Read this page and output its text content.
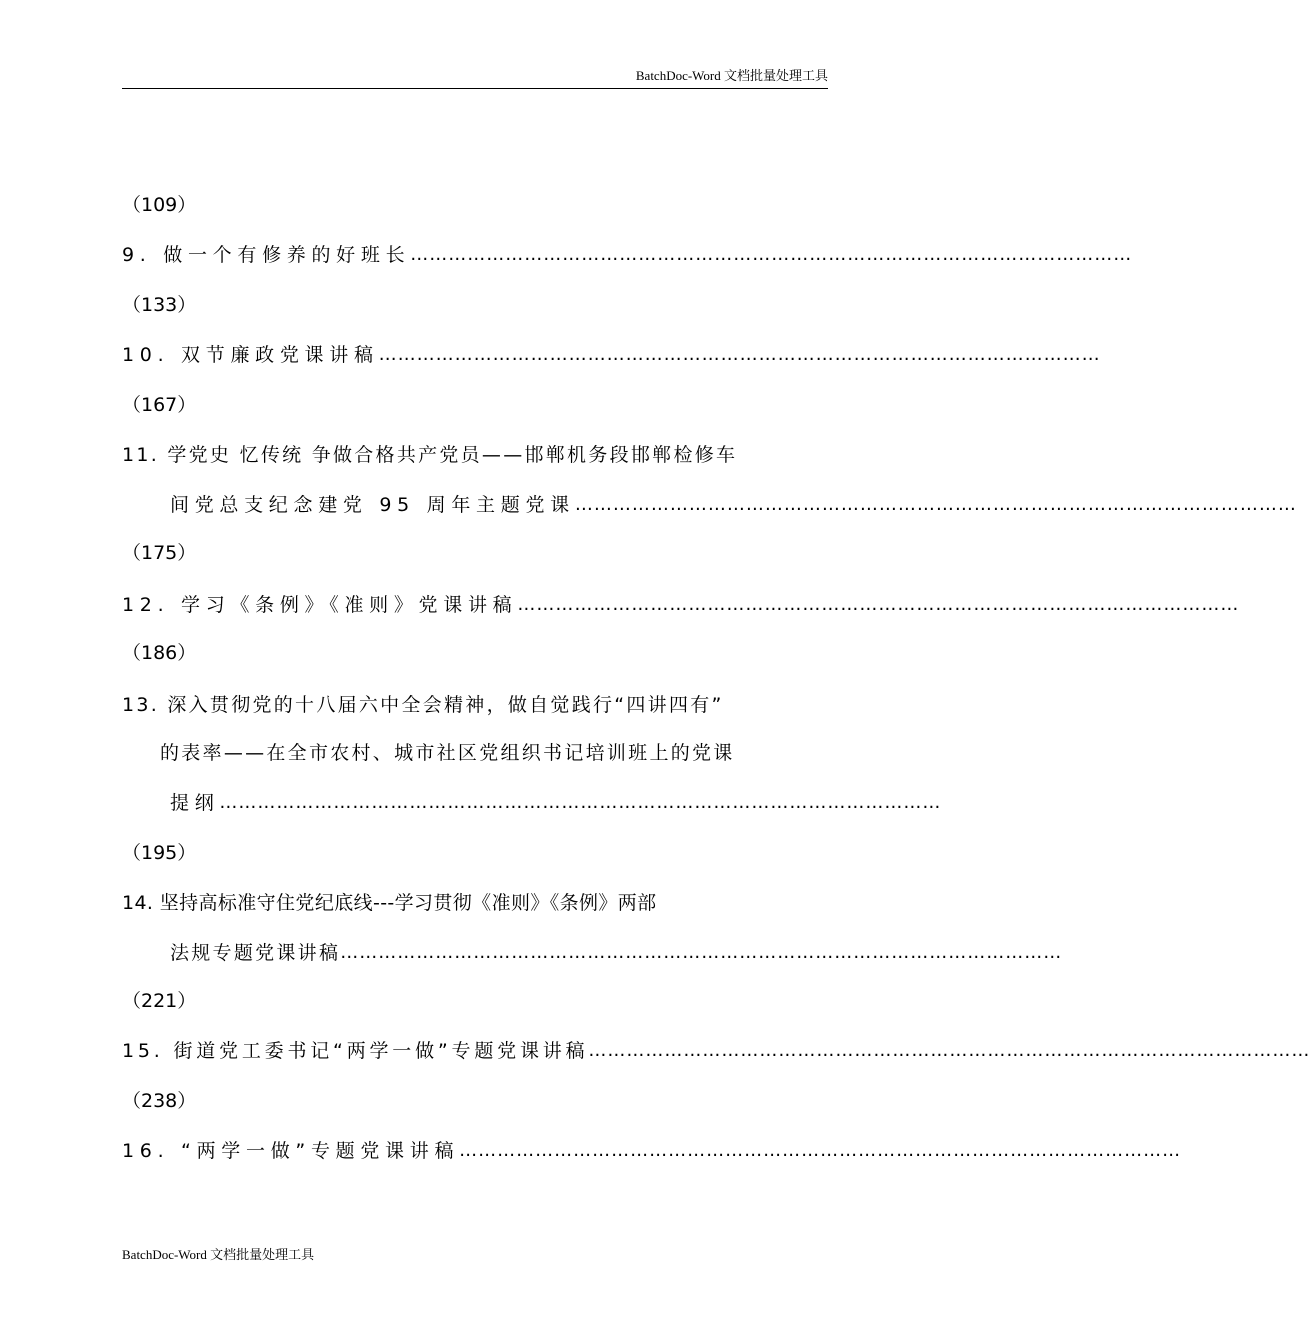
BatchDoc-Word 文档批量处理工具
（109）
9. 做一个有修养的好班长 ……………………………………………………………………………………………………
（133）
10. 双节廉政党课讲稿 ……………………………………………………………………………………………………
（167）
11. 学党史 忆传统 争做合格共产党员——邯郸机务段邯郸检修车
间党总支纪念建党 95 周年主题党课 ……………………………………………………………………………………………………
（175）
12. 学习《条例》《准则》党课讲稿 ……………………………………………………………………………………………………
（186）
13. 深入贯彻党的十八届六中全会精神，做自觉践行“四讲四有”
的表率——在全市农村、城市社区党组织书记培训班上的党课
提纲 ……………………………………………………………………………………………………
（195）
14. 坚持高标准守住党纪底线---学习贯彻《准则》《条例》两部
法规专题党课讲稿 ……………………………………………………………………………………………………
（221）
15. 街道党工委书记“两学一做”专题党课讲稿 ……………………………………………………………………………………………………
（238）
16. “两学一做”专题党课讲稿 ……………………………………………………………………………………………………
BatchDoc-Word 文档批量处理工具
